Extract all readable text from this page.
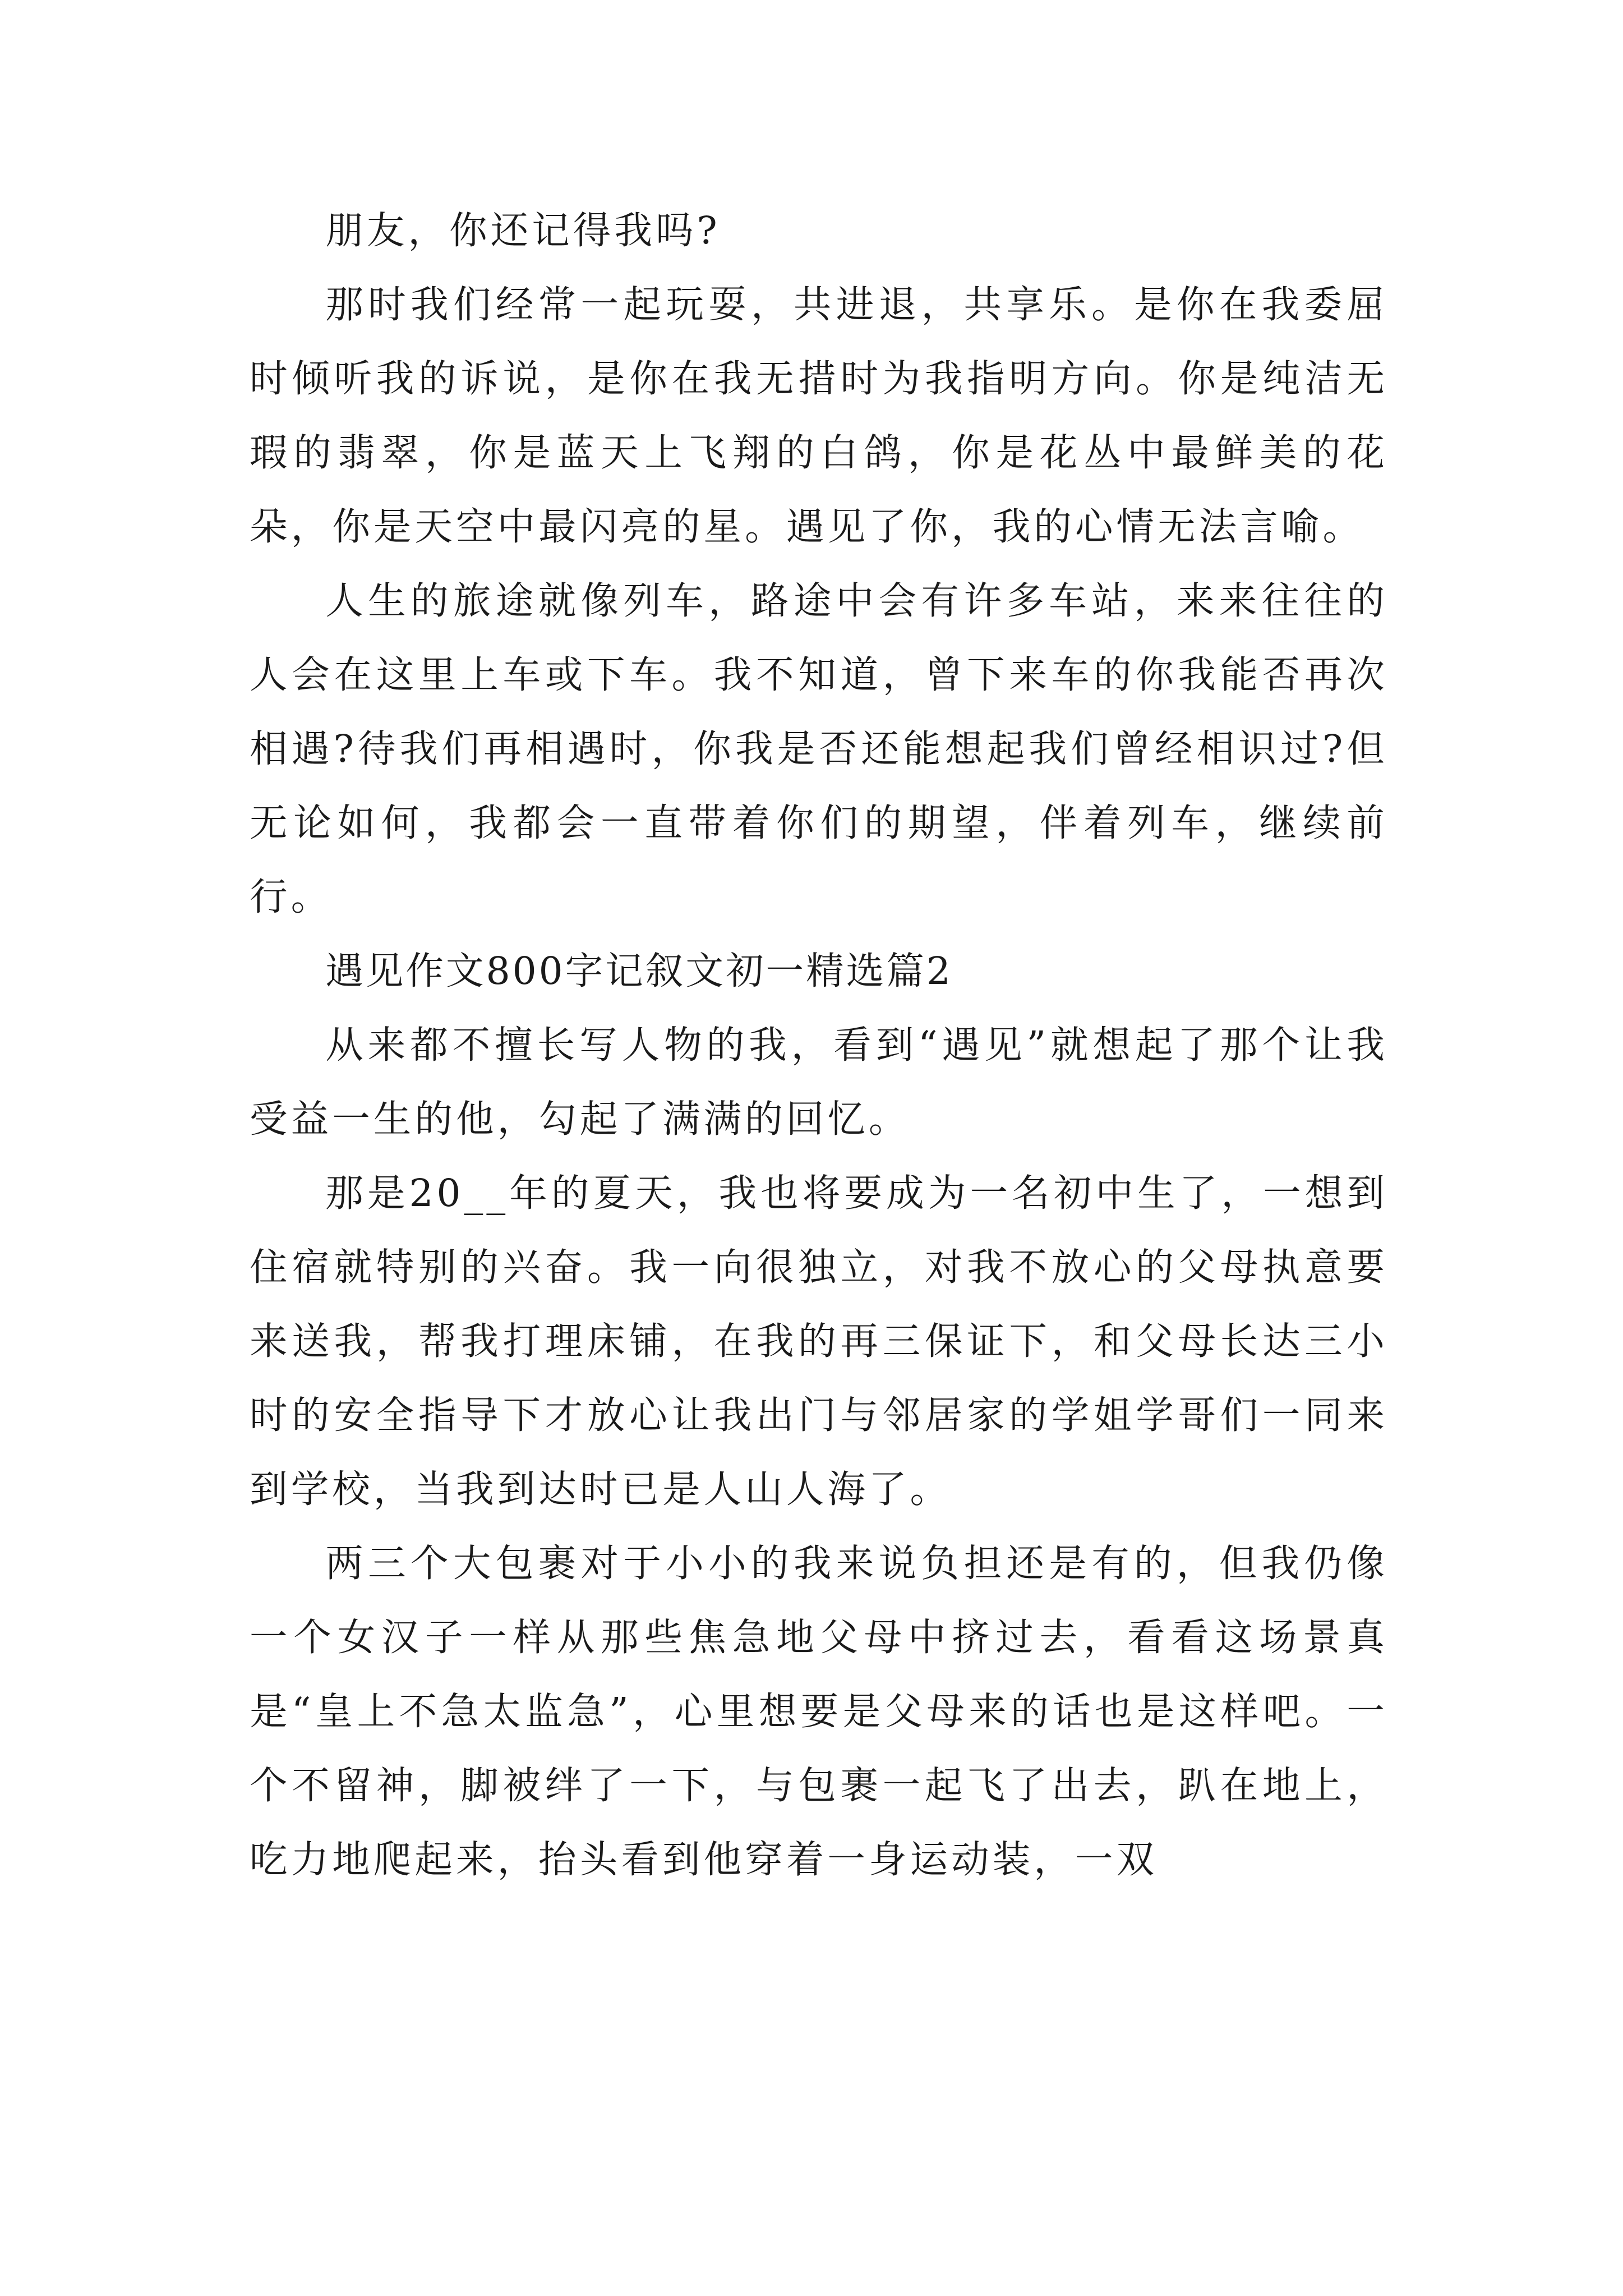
朋友，你还记得我吗?

那时我们经常一起玩耍，共进退，共享乐。是你在我委屈时倾听我的诉说，是你在我无措时为我指明方向。你是纯洁无瑕的翡翠，你是蓝天上飞翔的白鸽，你是花丛中最鲜美的花朵，你是天空中最闪亮的星。遇见了你，我的心情无法言喻。

人生的旅途就像列车，路途中会有许多车站，来来往往的人会在这里上车或下车。我不知道，曾下来车的你我能否再次相遇?待我们再相遇时，你我是否还能想起我们曾经相识过?但无论如何，我都会一直带着你们的期望，伴着列车，继续前行。

遇见作文800字记叙文初一精选篇2

从来都不擅长写人物的我，看到“遇见”就想起了那个让我受益一生的他，勾起了满满的回忆。

那是20__年的夏天，我也将要成为一名初中生了，一想到住宿就特别的兴奋。我一向很独立，对我不放心的父母执意要来送我，帮我打理床铺，在我的再三保证下，和父母长达三小时的安全指导下才放心让我出门与邻居家的学姐学哥们一同来到学校，当我到达时已是人山人海了。

两三个大包裹对于小小的我来说负担还是有的，但我仍像一个女汉子一样从那些焦急地父母中挤过去，看看这场景真是“皇上不急太监急”，心里想要是父母来的话也是这样吧。一个不留神，脚被绊了一下，与包裹一起飞了出去，趴在地上，吃力地爬起来，抬头看到他穿着一身运动装，一双
